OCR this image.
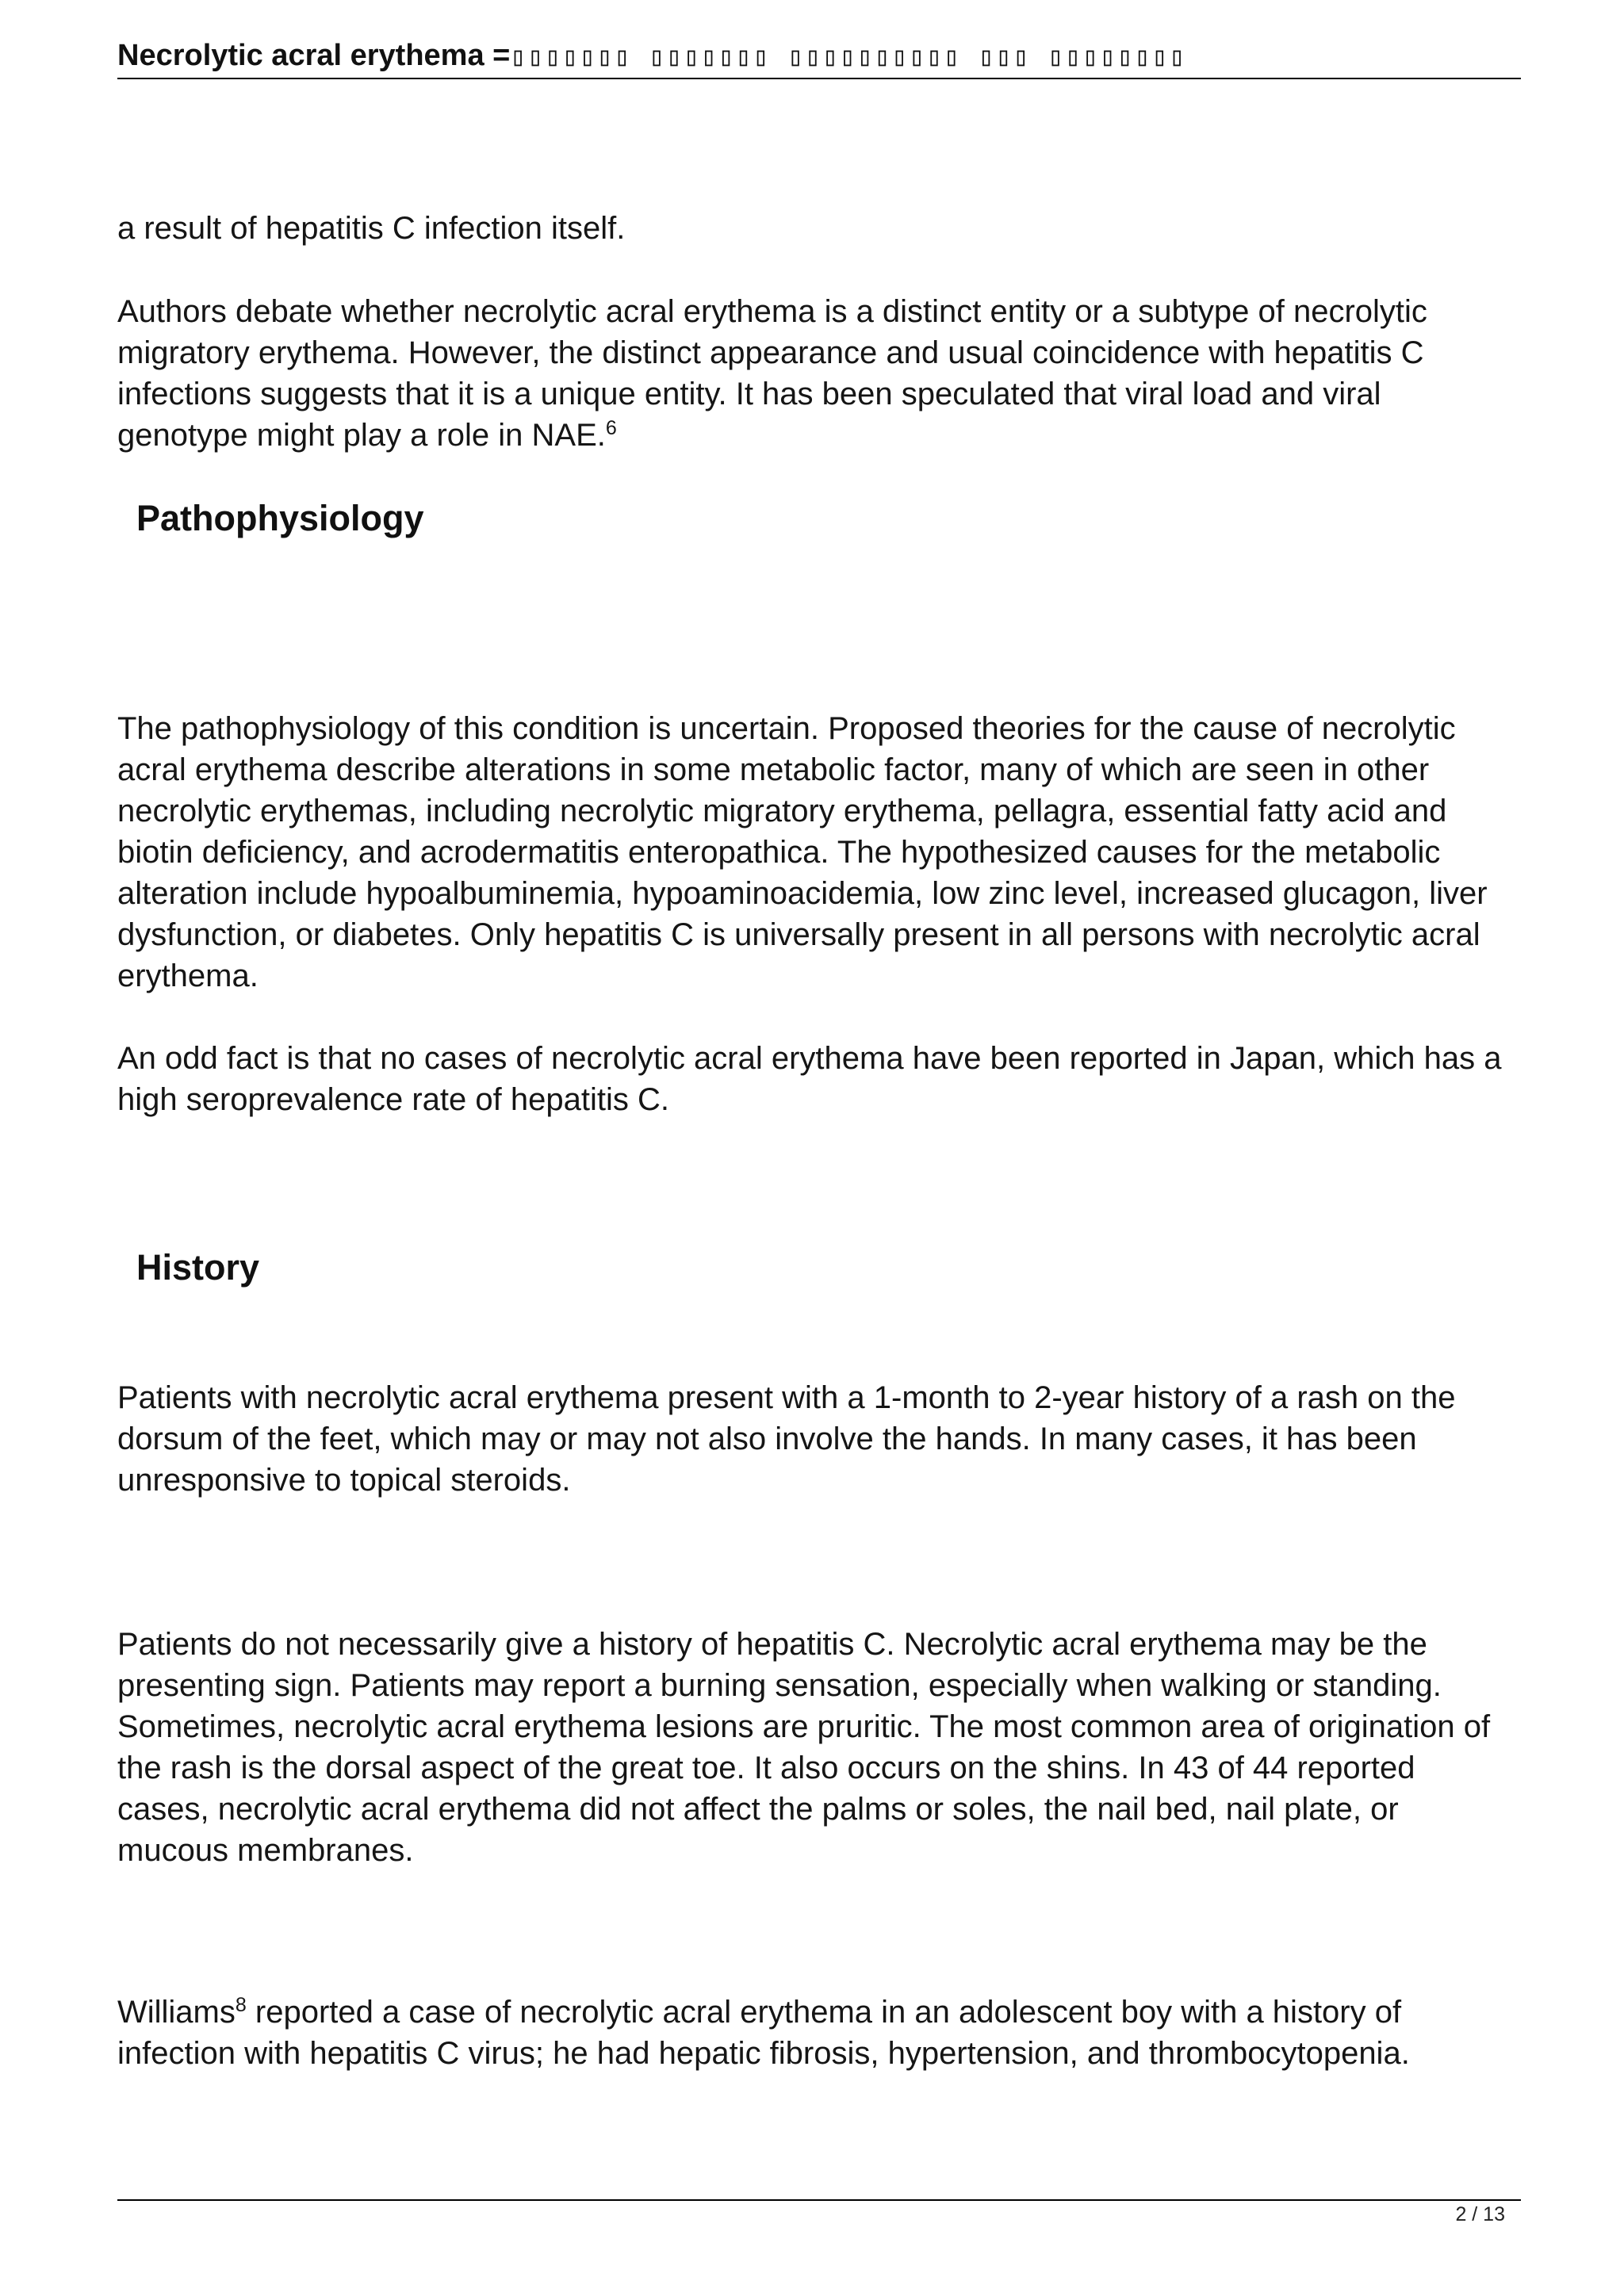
Necrolytic acral erythema =▯▯▯▯▯▯▯ ▯▯▯▯▯▯▯ ▯▯▯▯▯▯▯▯▯▯ ▯▯▯ ▯▯▯▯▯▯▯▯

a result of hepatitis C infection itself.

Authors debate whether necrolytic acral erythema is a distinct entity or a subtype of necrolytic migratory erythema. However, the distinct appearance and usual coincidence with hepatitis C infections suggests that it is a unique entity. It has been speculated that viral load and viral genotype might play a role in NAE.$^6$

Pathophysiology

The pathophysiology of this condition is uncertain. Proposed theories for the cause of necrolytic acral erythema describe alterations in some metabolic factor, many of which are seen in other necrolytic erythemas, including necrolytic migratory erythema, pellagra, essential fatty acid and biotin deficiency, and acrodermatitis enteropathica. The hypothesized causes for the metabolic alteration include hypoalbuminemia, hypoaminoacidemia, low zinc level, increased glucagon, liver dysfunction, or diabetes. Only hepatitis C is universally present in all persons with necrolytic acral erythema.

An odd fact is that no cases of necrolytic acral erythema have been reported in Japan, which has a high seroprevalence rate of hepatitis C.

History

Patients with necrolytic acral erythema present with a 1-month to 2-year history of a rash on the dorsum of the feet, which may or may not also involve the hands. In many cases, it has been unresponsive to topical steroids.

Patients do not necessarily give a history of hepatitis C. Necrolytic acral erythema may be the presenting sign. Patients may report a burning sensation, especially when walking or standing. Sometimes, necrolytic acral erythema lesions are pruritic. The most common area of origination of the rash is the dorsal aspect of the great toe. It also occurs on the shins. In 43 of 44 reported cases, necrolytic acral erythema did not affect the palms or soles, the nail bed, nail plate, or mucous membranes.

Williams$^8$ reported a case of necrolytic acral erythema in an adolescent boy with a history of infection with hepatitis C virus; he had hepatic fibrosis, hypertension, and thrombocytopenia.

2 / 13
